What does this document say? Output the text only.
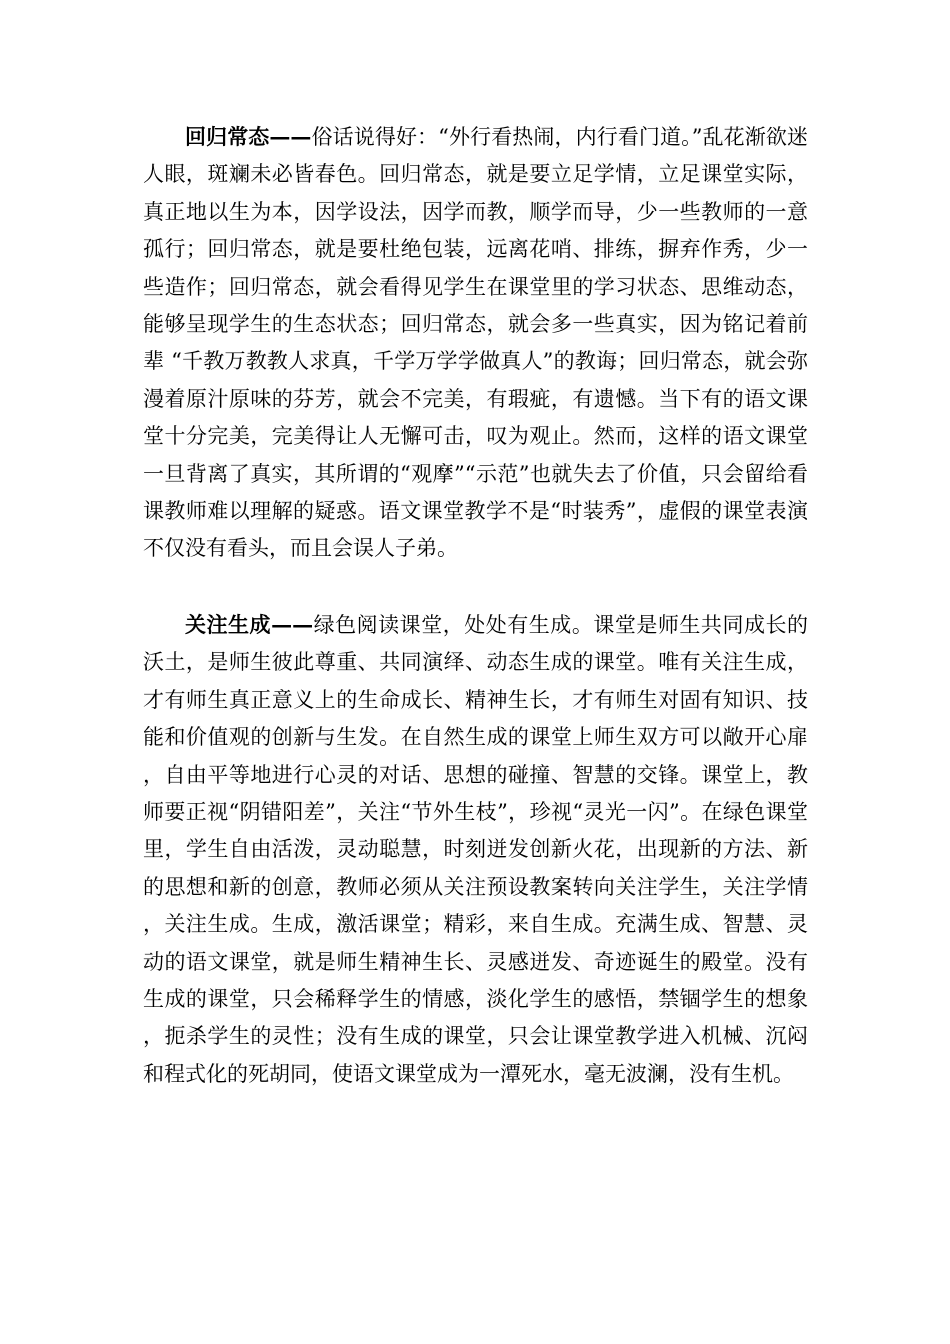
回归常态——俗话说得好：“外行看热闹，内行看门道。”乱花渐欲迷人眼，斑斓未必皆春色。回归常态，就是要立足学情，立足课堂实际，真正地以生为本，因学设法，因学而教，顺学而导，少一些教师的一意孤行；回归常态，就是要杜绝包装，远离花哨、排练，摒弃作秀，少一些造作；回归常态，就会看得见学生在课堂里的学习状态、思维动态，能够呈现学生的生态状态；回归常态，就会多一些真实，因为铭记着前辈 “千教万教教人求真，千学万学学做真人”的教诲；回归常态，就会弥漫着原汁原味的芬芳，就会不完美，有瑕疵，有遗憾。当下有的语文课堂十分完美，完美得让人无懈可击，叹为观止。然而，这样的语文课堂一旦背离了真实，其所谓的“观摩”“示范”也就失去了价值，只会留给看课教师难以理解的疑惑。语文课堂教学不是“时装秀”，虚假的课堂表演不仅没有看头，而且会误人子弟。

关注生成——绿色阅读课堂，处处有生成。课堂是师生共同成长的沃土，是师生彼此尊重、共同演绎、动态生成的课堂。唯有关注生成，才有师生真正意义上的生命成长、精神生长，才有师生对固有知识、技能和价值观的创新与生发。在自然生成的课堂上师生双方可以敞开心扉，自由平等地进行心灵的对话、思想的碰撞、智慧的交锋。课堂上，教师要正视“阴错阳差”，关注“节外生枝”，珍视“灵光一闪”。在绿色课堂里，学生自由活泼，灵动聪慧，时刻迸发创新火花，出现新的方法、新的思想和新的创意，教师必须从关注预设教案转向关注学生，关注学情，关注生成。生成，激活课堂；精彩，来自生成。充满生成、智慧、灵动的语文课堂，就是师生精神生长、灵感迸发、奇迹诞生的殿堂。没有生成的课堂，只会稀释学生的情感，淡化学生的感悟，禁锢学生的想象，扼杀学生的灵性；没有生成的课堂，只会让课堂教学进入机械、沉闷和程式化的死胡同，使语文课堂成为一潭死水，毫无波澜，没有生机。
